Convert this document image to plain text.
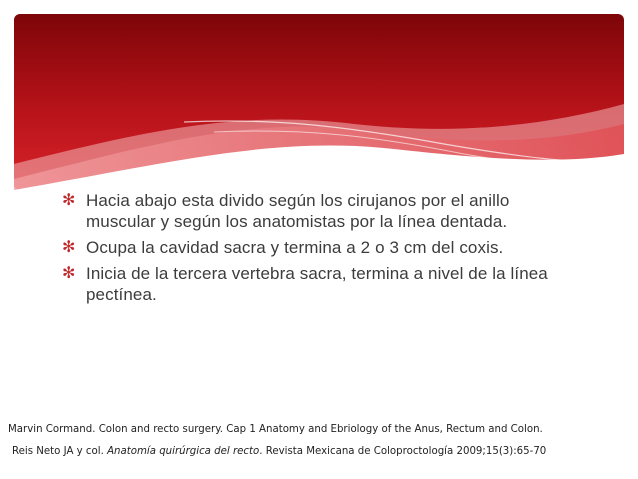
✻ Hacia abajo esta divido según los cirujanos por el anillo muscular y según los anatomistas por la línea dentada.
✻ Ocupa la cavidad sacra y termina a 2 o 3 cm del coxis.
✻ Inicia de la tercera vertebra sacra, termina a nivel de la línea pectínea.
Marvin Cormand. Colon and recto surgery. Cap 1 Anatomy and Ebriology of the Anus, Rectum and Colon.
Reis Neto JA y col. Anatomía quirúrgica del recto. Revista Mexicana de Coloproctología 2009;15(3):65-70
